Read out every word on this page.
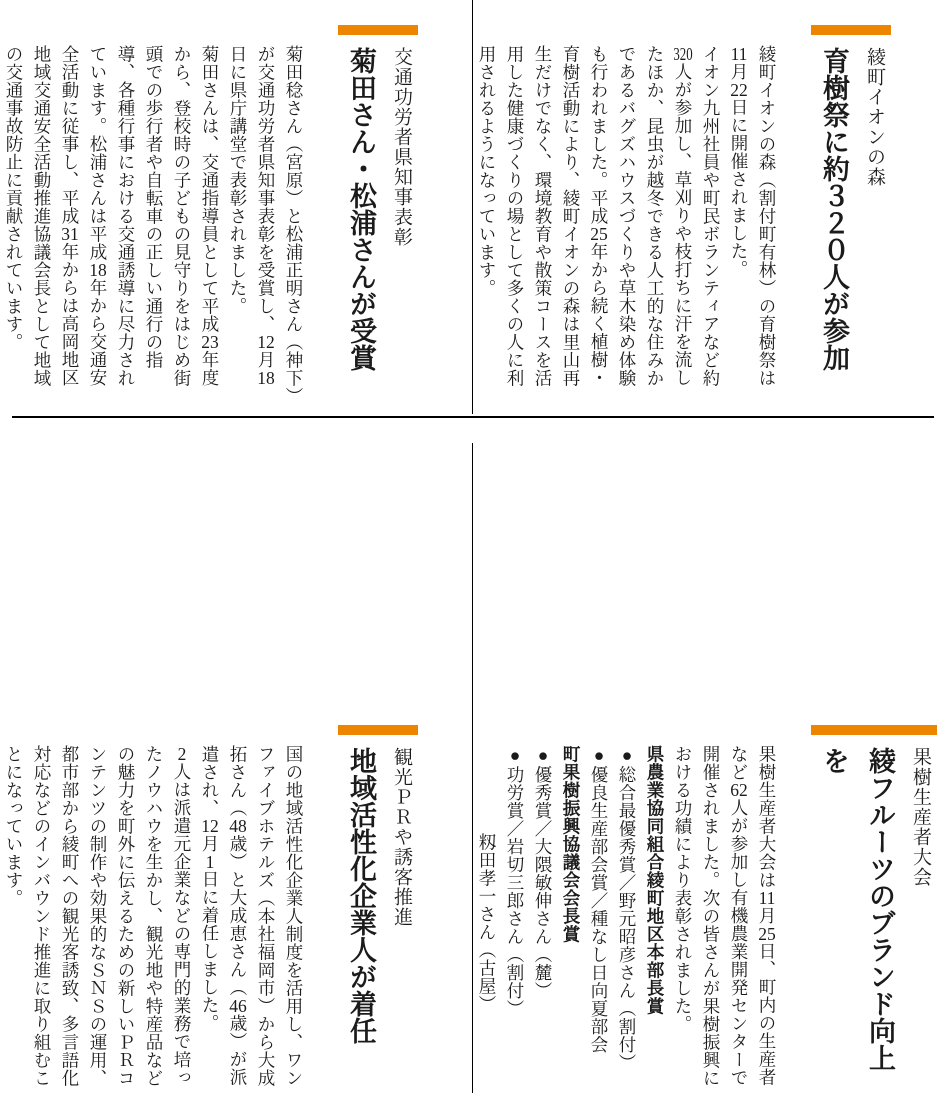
交通功労者県知事表彰
菊田さん・松浦さんが受賞

菊田稔さん（宮原）と松浦正明さん（神下）が交通功労者県知事表彰を受賞し、12月18日に県庁講堂で表彰されました。

菊田さんは、交通指導員として平成23年度から、登校時の子どもの見守りをはじめ街頭での歩行者や自転車の正しい通行の指導、各種行事における交通誘導に尽力されています。松浦さんは平成18年から交通安全活動に従事し、平成31年からは高岡地区地域交通安全活動推進協議会長として地域の交通事故防止に貢献されています。	綾町イオンの森
育樹祭に約３２０人が参加

綾町イオンの森（割付町有林）の育樹祭は11月22日に開催されました。

イオン九州社員や町民ボランティアなど約320人が参加し、草刈りや枝打ちに汗を流したほか、昆虫が越冬できる人工的な住みかであるバグズハウスづくりや草木染め体験も行われました。平成25年から続く植樹・育樹活動により、綾町イオンの森は里山再生だけでなく、環境教育や散策コースを活用した健康づくりの場として多くの人に利用されるようになっています。

観光ＰＲや誘客推進
地域活性化企業人が着任

国の地域活性化企業人制度を活用し、ワンファイブホテルズ（本社福岡市）から大成拓さん（48歳）と大成恵さん（46歳）が派遣され、12月1日に着任しました。

2人は派遣元企業などの専門的業務で培ったノウハウを生かし、観光地や特産品などの魅力を町外に伝えるための新しいＰＲコンテンツの制作や効果的なＳＮＳの運用、都市部から綾町への観光客誘致、多言語化対応などのインバウンド推進に取り組むことになっています。	果樹生産者大会
綾フルーツのブランド向上を

果樹生産者大会は11月25日、町内の生産者など62人が参加し有機農業開発センターで開催されました。次の皆さんが果樹振興における功績により表彰されました。

県農業協同組合綾町地区本部長賞

●総合最優秀賞／野元昭彦さん（割付）

●優良生産部会賞／種なし日向夏部会

町果樹振興協議会会長賞

●優秀賞／大隈敏伸さん（麓）

●功労賞／岩切三郎さん（割付）

籾田孝一さん（古屋）
